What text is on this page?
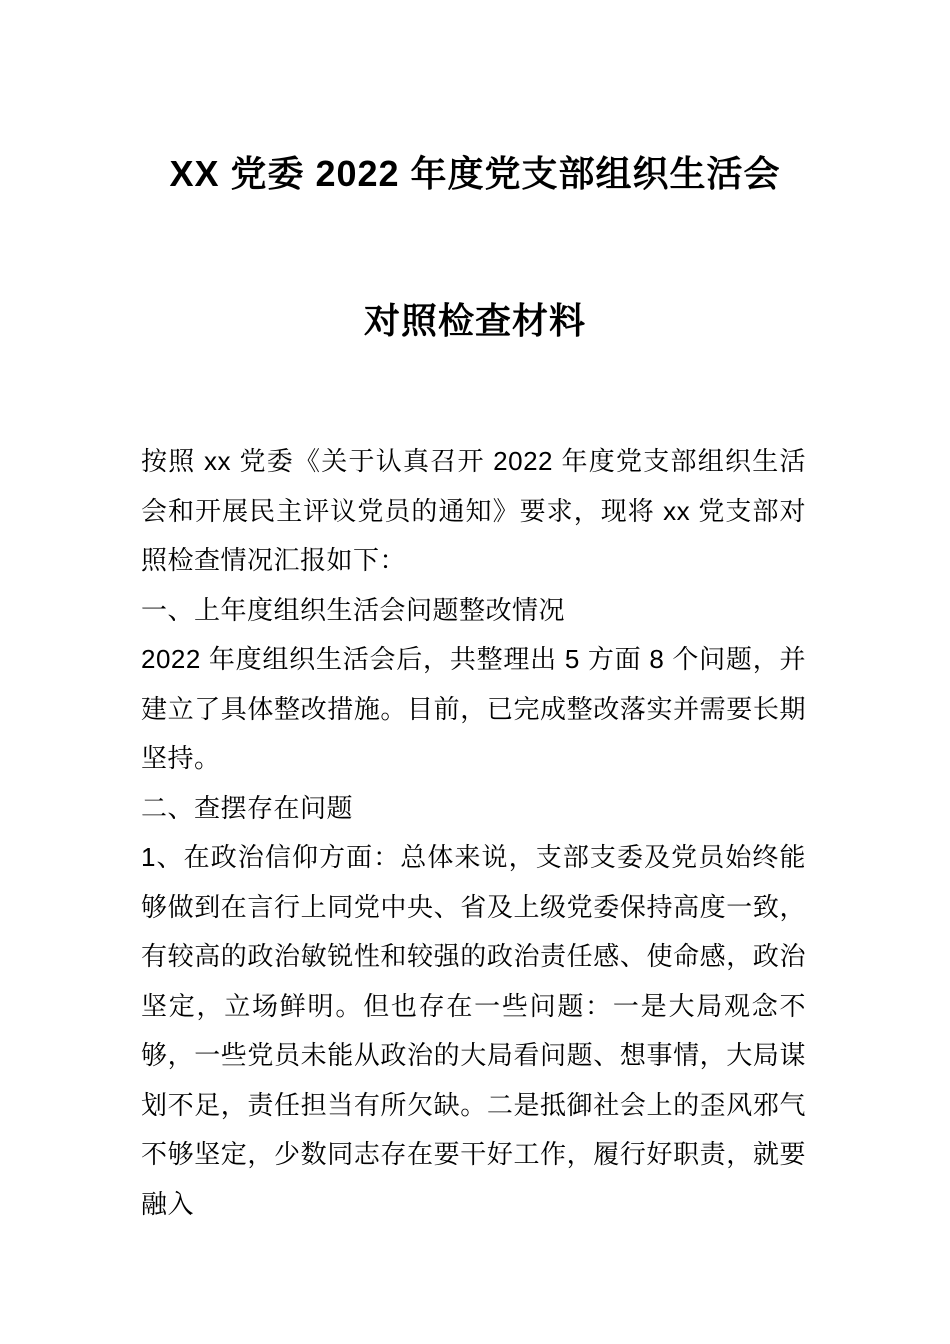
XX 党委 2022 年度党支部组织生活会
对照检查材料

按照 xx 党委《关于认真召开 2022 年度党支部组织生活会和开展民主评议党员的通知》要求，现将 xx 党支部对照检查情况汇报如下：

一、上年度组织生活会问题整改情况

2022 年度组织生活会后，共整理出 5 方面 8 个问题，并建立了具体整改措施。目前，已完成整改落实并需要长期坚持。

二、查摆存在问题

1、在政治信仰方面：总体来说，支部支委及党员始终能够做到在言行上同党中央、省及上级党委保持高度一致，有较高的政治敏锐性和较强的政治责任感、使命感，政治坚定，立场鲜明。但也存在一些问题：一是大局观念不够，一些党员未能从政治的大局看问题、想事情，大局谋划不足，责任担当有所欠缺。二是抵御社会上的歪风邪气不够坚定，少数同志存在要干好工作，履行好职责，就要融入
